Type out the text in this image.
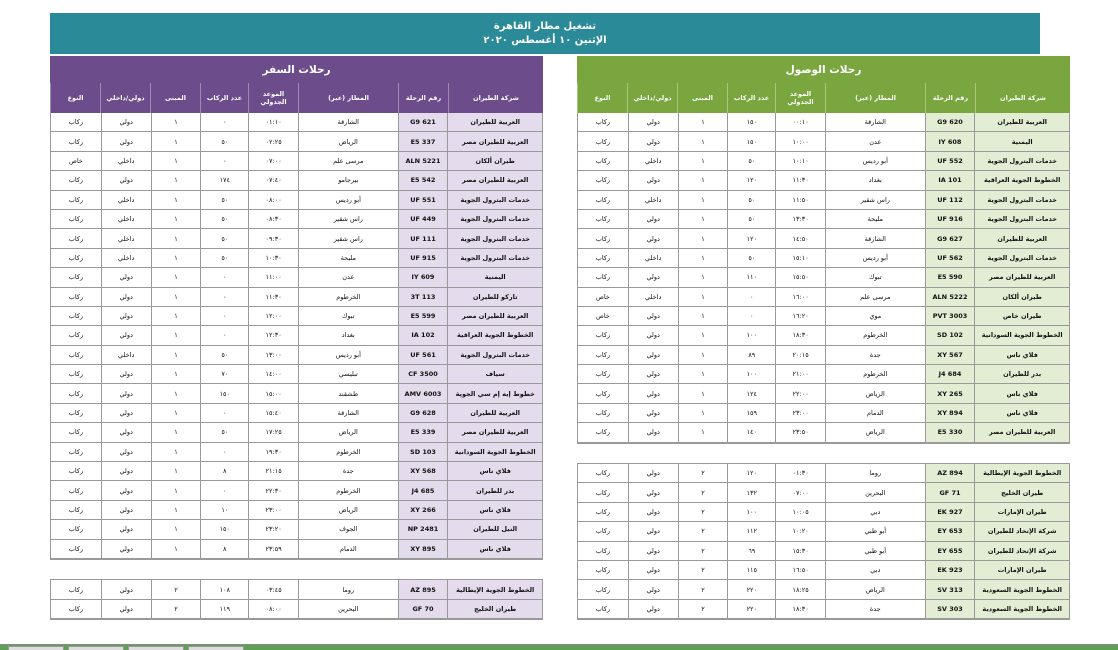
تشغيل مطار القاهرة
الإثنين ١٠ أغسطس ٢٠٢٠
رحلات الوصول
شركة الطيران
رقم الرحلة
المطار (عبر)
الموعد الجدولي
عدد الركاب
المبنى
دولي/داخلي
النوع
العربية للطيران
G9 620
الشارقة
٠٠:١٠
١٥٠
١
دولي
ركاب
اليمنية
IY 608
عدن
١٠:٠٠
١٥٠
١
دولي
ركاب
خدمات البترول الجوية
UF 552
أبو رديس
١٠:١٠
٥٠
١
داخلي
ركاب
الخطوط الجوية العراقية
IA 101
بغداد
١١:٣٠
١٢٠
١
دولي
ركاب
خدمات البترول الجوية
UF 112
راس شقير
١١:٥٠
٥٠
١
داخلي
ركاب
خدمات البترول الجوية
UF 916
مليحة
١٣:٣٠
٥٠
١
دولي
ركاب
العربية للطيران
G9 627
الشارقة
١٤:٥٠
١٢٠
١
دولي
ركاب
خدمات البترول الجوية
UF 562
أبو رديس
١٥:١٠
٥٠
١
داخلي
ركاب
العربية للطيران مصر
E5 590
تبوك
١٥:٥٠
١١٠
١
دولي
ركاب
طيران ألكان
ALN 5222
مرسى علم
١٦:٠٠
٠
١
داخلي
خاص
طيران خاص
PVT 3003
موي
١٦:٢٠
٠
١
دولي
خاص
الخطوط الجوية السودانية
SD 102
الخرطوم
١٨:٣٠
١٠٠
١
دولي
ركاب
فلاي ناس
XY 567
جدة
٢٠:١٥
٨٩
١
دولي
ركاب
بدر للطيران
J4 684
الخرطوم
٢١:٠٠
١٠٠
١
دولي
ركاب
فلاي ناس
XY 265
الرياض
٢٢:٠٠
١٢٤
١
دولي
ركاب
فلاي ناس
XY 894
الدمام
٢٣:٠٠
١٥٩
١
دولي
ركاب
العربية للطيران مصر
E5 330
الرياض
٢٣:٥٠
١٤٠
١
دولي
ركاب
الخطوط الجوية الإيطالية
AZ 894
روما
٠١:٣٠
١٢٠
٢
دولي
ركاب
طيران الخليج
GF 71
البحرين
٠٧:٠٠
١٣٢
٢
دولي
ركاب
طيران الإمارات
EK 927
دبي
١٠:٠٥
١٠٠
٢
دولي
ركاب
شركة الإتحاد للطيران
EY 653
أبو ظبي
١٠:٢٠
١١٢
٢
دولي
ركاب
شركة الإتحاد للطيران
EY 655
أبو ظبي
١٥:٣٠
٦٩
٢
دولي
ركاب
طيران الإمارات
EK 923
دبي
١٦:٥٠
١١٥
٢
دولي
ركاب
الخطوط الجوية السعودية
SV 313
الرياض
١٨:٢٥
٢٢٠
٢
دولي
ركاب
الخطوط الجوية السعودية
SV 303
جدة
١٨:٣٠
٢٢٠
٢
دولي
ركاب
رحلات السفر
شركة الطيران
رقم الرحلة
المطار (عبر)
الموعد الجدولي
عدد الركاب
المبنى
دولي/داخلي
النوع
العربية للطيران
G9 621
الشارقة
٠١:١٠
٠
١
دولي
ركاب
العربية للطيران مصر
E5 337
الرياض
٠٢:٢٥
٥٠
١
دولي
ركاب
طيران ألكان
ALN 5221
مرسى علم
٠٧:٠٠
٠
١
داخلي
خاص
العربية للطيران مصر
E5 542
بيرجامو
٠٧:٤٠
١٧٤
١
دولي
ركاب
خدمات البترول الجوية
UF 551
أبو رديس
٠٨:٠٠
٥٠
١
داخلي
ركاب
خدمات البترول الجوية
UF 449
راس شقير
٠٨:٣٠
٥٠
١
داخلي
ركاب
خدمات البترول الجوية
UF 111
راس شقير
٠٩:٣٠
٥٠
١
داخلي
ركاب
خدمات البترول الجوية
UF 915
مليحة
١٠:٣٠
٥٠
١
داخلي
ركاب
اليمنية
IY 609
عدن
١١:٠٠
٠
١
دولي
ركاب
تاركو للطيران
3T 113
الخرطوم
١١:٣٠
٠
١
دولي
ركاب
العربية للطيران مصر
E5 599
تبوك
١٢:٠٠
٠
١
دولي
ركاب
الخطوط الجوية العراقية
IA 102
بغداد
١٢:٣٠
٠
١
دولي
ركاب
خدمات البترول الجوية
UF 561
أبو رديس
١٣:٠٠
٥٠
١
داخلي
ركاب
سياف
CF 3500
تبليسي
١٤:٠٠
٧٠
١
دولي
ركاب
خطوط إيه إم سي الجوية
AMV 6003
طشقند
١٥:٠٠
١٥٠
١
دولي
ركاب
العربية للطيران
G9 628
الشارقة
١٥:٤٠
٠
١
دولي
ركاب
العربية للطيران مصر
E5 339
الرياض
١٧:٢٥
٥٠
١
دولي
ركاب
الخطوط الجوية السودانية
SD 103
الخرطوم
١٩:٣٠
٠
١
دولي
ركاب
فلاي ناس
XY 568
جدة
٢١:١٥
٨
١
دولي
ركاب
بدر للطيران
J4 685
الخرطوم
٢٢:٣٠
٠
١
دولي
ركاب
فلاي ناس
XY 266
الرياض
٢٣:٠٠
١٠
١
دولي
ركاب
النيل للطيران
NP 2481
الجوف
٢٣:٢٠
١٥٠
١
دولي
ركاب
فلاي ناس
XY 895
الدمام
٢٣:٥٩
٨
١
دولي
ركاب
الخطوط الجوية الإيطالية
AZ 895
روما
٠٣:٤٥
١٠٨
٢
دولي
ركاب
طيران الخليج
GF 70
البحرين
٠٨:٠٠
١١٩
٢
دولي
ركاب
